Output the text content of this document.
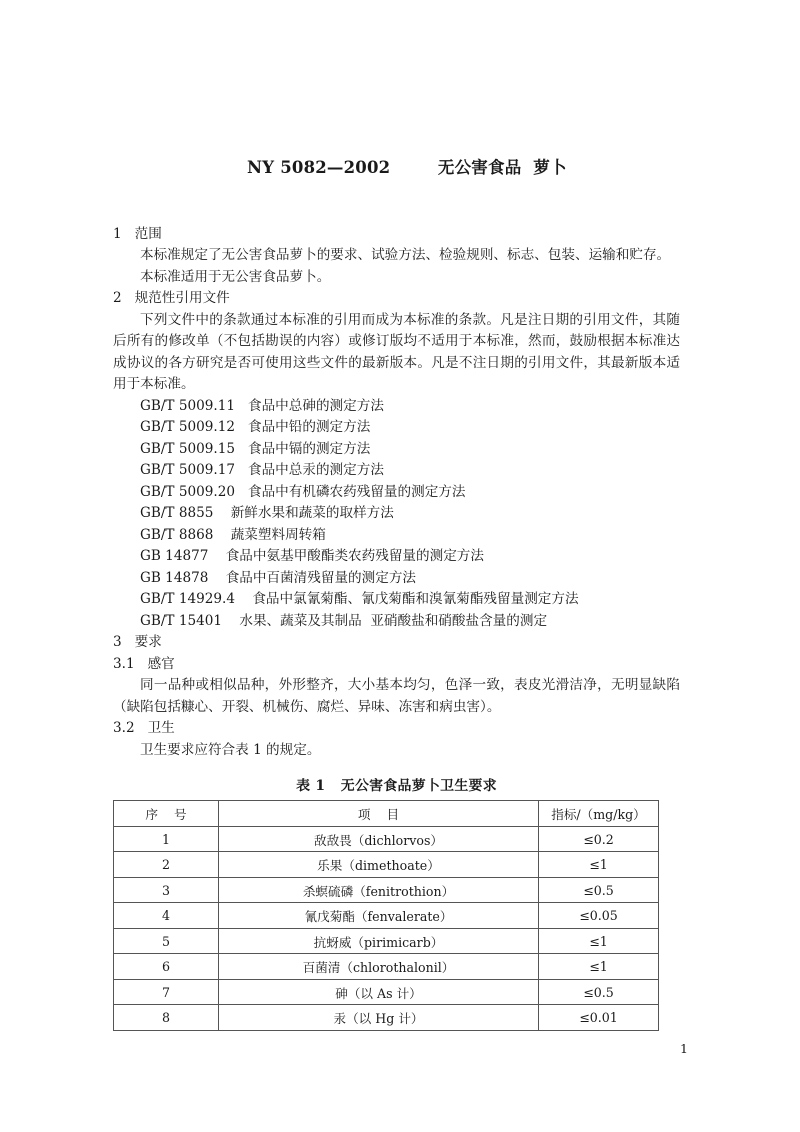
NY 5082—2002        无公害食品  萝卜
1   范围

本标准规定了无公害食品萝卜的要求、试验方法、检验规则、标志、包装、运输和贮存。

本标准适用于无公害食品萝卜。

2   规范性引用文件

下列文件中的条款通过本标准的引用而成为本标准的条款。凡是注日期的引用文件，其随后所有的修改单（不包括勘误的内容）或修订版均不适用于本标准，然而，鼓励根据本标准达成协议的各方研究是否可使用这些文件的最新版本。凡是不注日期的引用文件，其最新版本适用于本标准。

GB/T 5009.11   食品中总砷的测定方法
GB/T 5009.12   食品中铅的测定方法
GB/T 5009.15   食品中镉的测定方法
GB/T 5009.17   食品中总汞的测定方法
GB/T 5009.20   食品中有机磷农药残留量的测定方法
GB/T 8855    新鲜水果和蔬菜的取样方法
GB/T 8868    蔬菜塑料周转箱
GB 14877    食品中氨基甲酸酯类农药残留量的测定方法
GB 14878    食品中百菌清残留量的测定方法
GB/T 14929.4    食品中氯氰菊酯、氰戊菊酯和溴氰菊酯残留量测定方法
GB/T 15401    水果、蔬菜及其制品  亚硝酸盐和硝酸盐含量的测定
3   要求
3.1   感官

同一品种或相似品种，外形整齐，大小基本均匀，色泽一致，表皮光滑洁净，无明显缺陷（缺陷包括糠心、开裂、机械伤、腐烂、异味、冻害和病虫害）。

3.2   卫生

卫生要求应符合表 1 的规定。

表 1   无公害食品萝卜卫生要求
序    号	项    目	指标/（mg/kg）
1	敌敌畏（dichlorvos）	≤0.2
2	乐果（dimethoate）	≤1
3	杀螟硫磷（fenitrothion）	≤0.5
4	氰戊菊酯（fenvalerate）	≤0.05
5	抗蚜威（pirimicarb）	≤1
6	百菌清（chlorothalonil）	≤1
7	砷（以 As 计）	≤0.5
8	汞（以 Hg 计）	≤0.01
1
